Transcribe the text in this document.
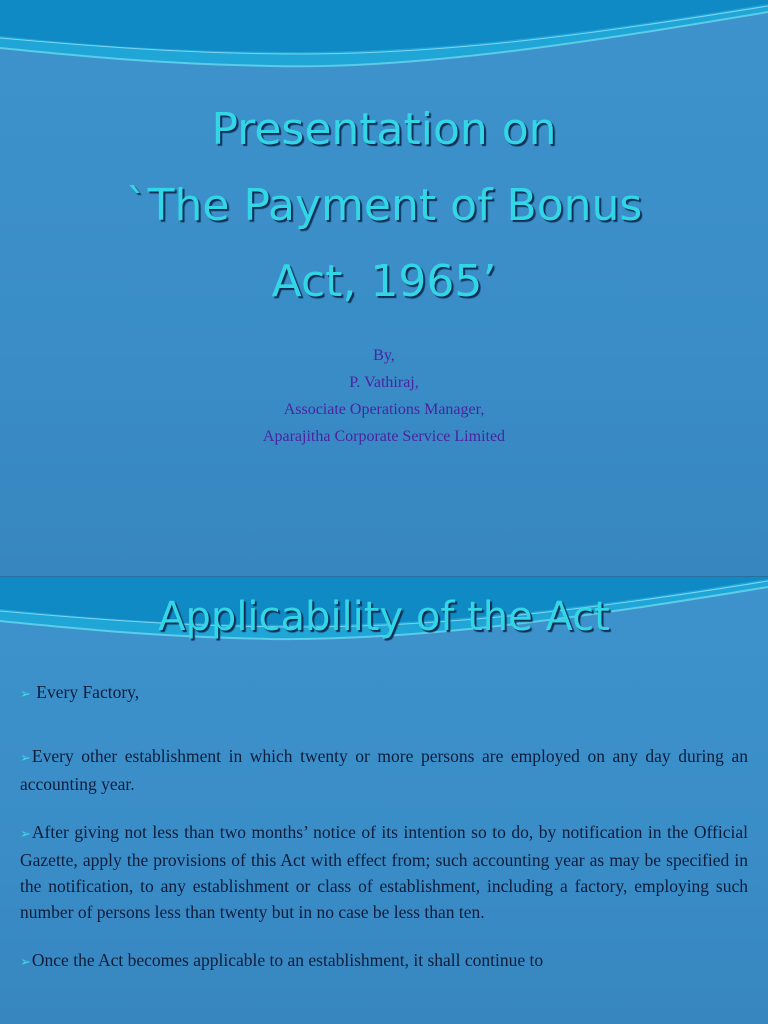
Presentation on
`The Payment of Bonus
Act, 1965’
By,
P. Vathiraj,
Associate Operations Manager,
Aparajitha Corporate Service Limited
Applicability of the Act
➢ Every Factory,
➢Every other establishment in which twenty or more persons are employed on any day during an accounting year.
➢After giving not less than two months’ notice of its intention so to do, by notification in the Official Gazette, apply the provisions of this Act with effect from; such accounting year as may be specified in the notification, to any establishment or class of establishment, including a factory, employing such number of persons less than twenty but in no case be less than ten.
➢Once the Act becomes applicable to an establishment, it shall continue to
